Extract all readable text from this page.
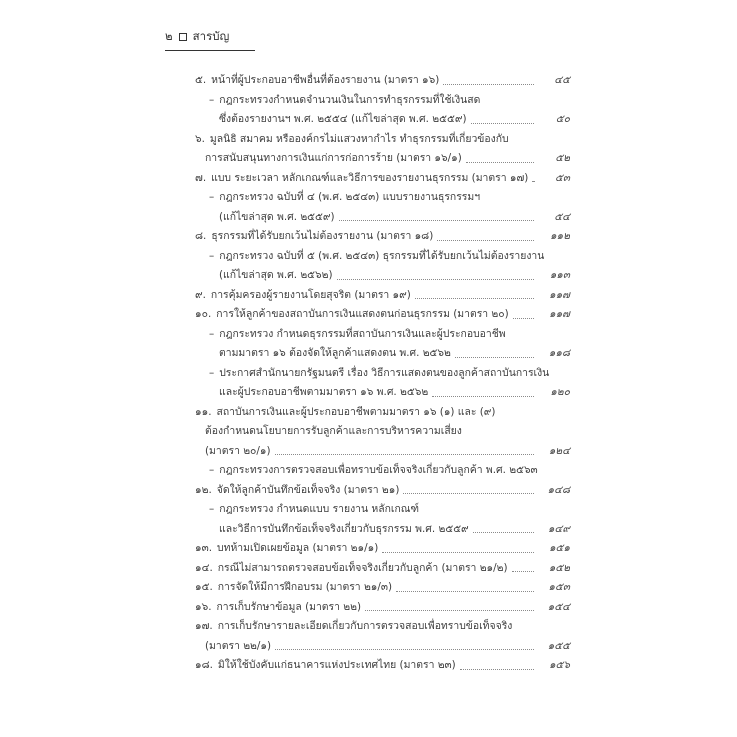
๒ สารบัญ
๕. หน้าที่ผู้ประกอบอาชีพอื่นที่ต้องรายงาน (มาตรา ๑๖)	๔๕
– กฎกระทรวงกำหนดจำนวนเงินในการทำธุรกรรมที่ใช้เงินสด
ซึ่งต้องรายงานฯ พ.ศ. ๒๕๕๔ (แก้ไขล่าสุด พ.ศ. ๒๕๕๙)	๕๐
๖. มูลนิธิ สมาคม หรือองค์กรไม่แสวงหากำไร ทำธุรกรรมที่เกี่ยวข้องกับ
การสนับสนุนทางการเงินแก่การก่อการร้าย (มาตรา ๑๖/๑)	๕๒
๗. แบบ ระยะเวลา หลักเกณฑ์และวิธีการของรายงานธุรกรรม (มาตรา ๑๗)	๕๓
– กฎกระทรวง ฉบับที่ ๔ (พ.ศ. ๒๕๔๓) แบบรายงานธุรกรรมฯ
(แก้ไขล่าสุด พ.ศ. ๒๕๕๙)	๕๔
๘. ธุรกรรมที่ได้รับยกเว้นไม่ต้องรายงาน (มาตรา ๑๘)	๑๑๒
– กฎกระทรวง ฉบับที่ ๕ (พ.ศ. ๒๕๔๓) ธุรกรรมที่ได้รับยกเว้นไม่ต้องรายงาน
(แก้ไขล่าสุด พ.ศ. ๒๕๖๒)	๑๑๓
๙. การคุ้มครองผู้รายงานโดยสุจริต (มาตรา ๑๙)	๑๑๗
๑๐. การให้ลูกค้าของสถาบันการเงินแสดงตนก่อนธุรกรรม (มาตรา ๒๐)	๑๑๗
– กฎกระทรวง กำหนดธุรกรรมที่สถาบันการเงินและผู้ประกอบอาชีพ
ตามมาตรา ๑๖ ต้องจัดให้ลูกค้าแสดงตน พ.ศ. ๒๕๖๒	๑๑๘
– ประกาศสำนักนายกรัฐมนตรี เรื่อง วิธีการแสดงตนของลูกค้าสถาบันการเงิน
และผู้ประกอบอาชีพตามมาตรา ๑๖ พ.ศ. ๒๕๖๒	๑๒๐
๑๑. สถาบันการเงินและผู้ประกอบอาชีพตามมาตรา ๑๖ (๑) และ (๙)
ต้องกำหนดนโยบายการรับลูกค้าและการบริหารความเสี่ยง
(มาตรา ๒๐/๑)	๑๒๔
– กฎกระทรวงการตรวจสอบเพื่อทราบข้อเท็จจริงเกี่ยวกับลูกค้า พ.ศ. ๒๕๖๓
๑๒. จัดให้ลูกค้าบันทึกข้อเท็จจริง (มาตรา ๒๑)	๑๔๘
– กฎกระทรวง กำหนดแบบ รายงาน หลักเกณฑ์
และวิธีการบันทึกข้อเท็จจริงเกี่ยวกับธุรกรรม พ.ศ. ๒๕๕๙	๑๔๙
๑๓. บทห้ามเปิดเผยข้อมูล (มาตรา ๒๑/๑)	๑๕๑
๑๔. กรณีไม่สามารถตรวจสอบข้อเท็จจริงเกี่ยวกับลูกค้า (มาตรา ๒๑/๒)	๑๕๒
๑๕. การจัดให้มีการฝึกอบรม (มาตรา ๒๑/๓)	๑๕๓
๑๖. การเก็บรักษาข้อมูล (มาตรา ๒๒)	๑๕๔
๑๗. การเก็บรักษารายละเอียดเกี่ยวกับการตรวจสอบเพื่อทราบข้อเท็จจริง
(มาตรา ๒๒/๑)	๑๕๕
๑๘. มิให้ใช้บังคับแก่ธนาคารแห่งประเทศไทย (มาตรา ๒๓)	๑๕๖
